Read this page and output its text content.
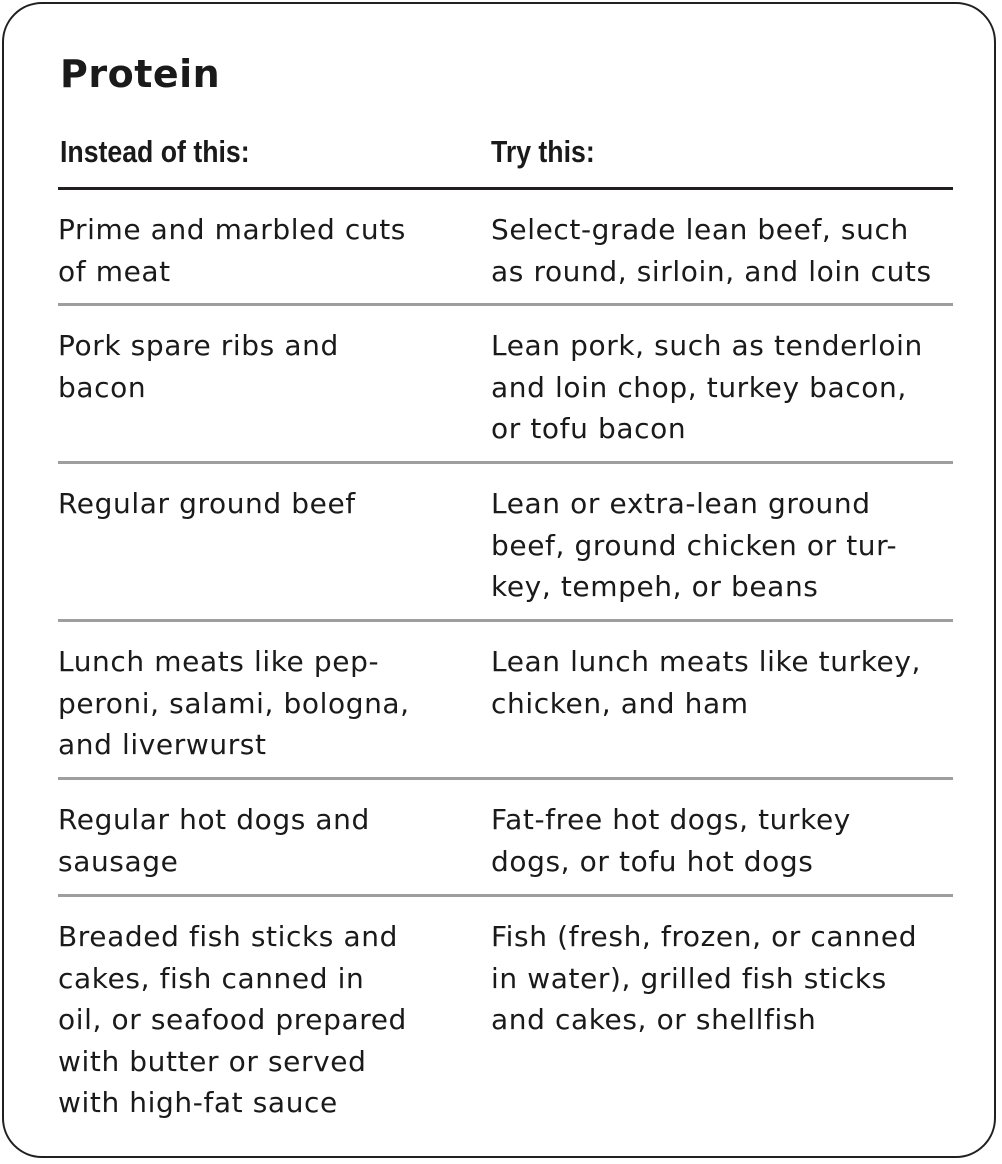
Protein
Instead of this:	Try this:
Prime and marbled cuts
of meat
Select-grade lean beef, such
as round, sirloin, and loin cuts
Pork spare ribs and
bacon
Lean pork, such as tenderloin
and loin chop, turkey bacon,
or tofu bacon
Regular ground beef	Lean or extra-lean ground
beef, ground chicken or tur-
key, tempeh, or beans
Lunch meats like pep-
peroni, salami, bologna,
and liverwurst
Lean lunch meats like turkey,
chicken, and ham
Regular hot dogs and
sausage
Fat-free hot dogs, turkey
dogs, or tofu hot dogs
Breaded fish sticks and
cakes, fish canned in
oil, or seafood prepared
with butter or served
with high-fat sauce
Fish (fresh, frozen, or canned
in water), grilled fish sticks
and cakes, or shellfish
